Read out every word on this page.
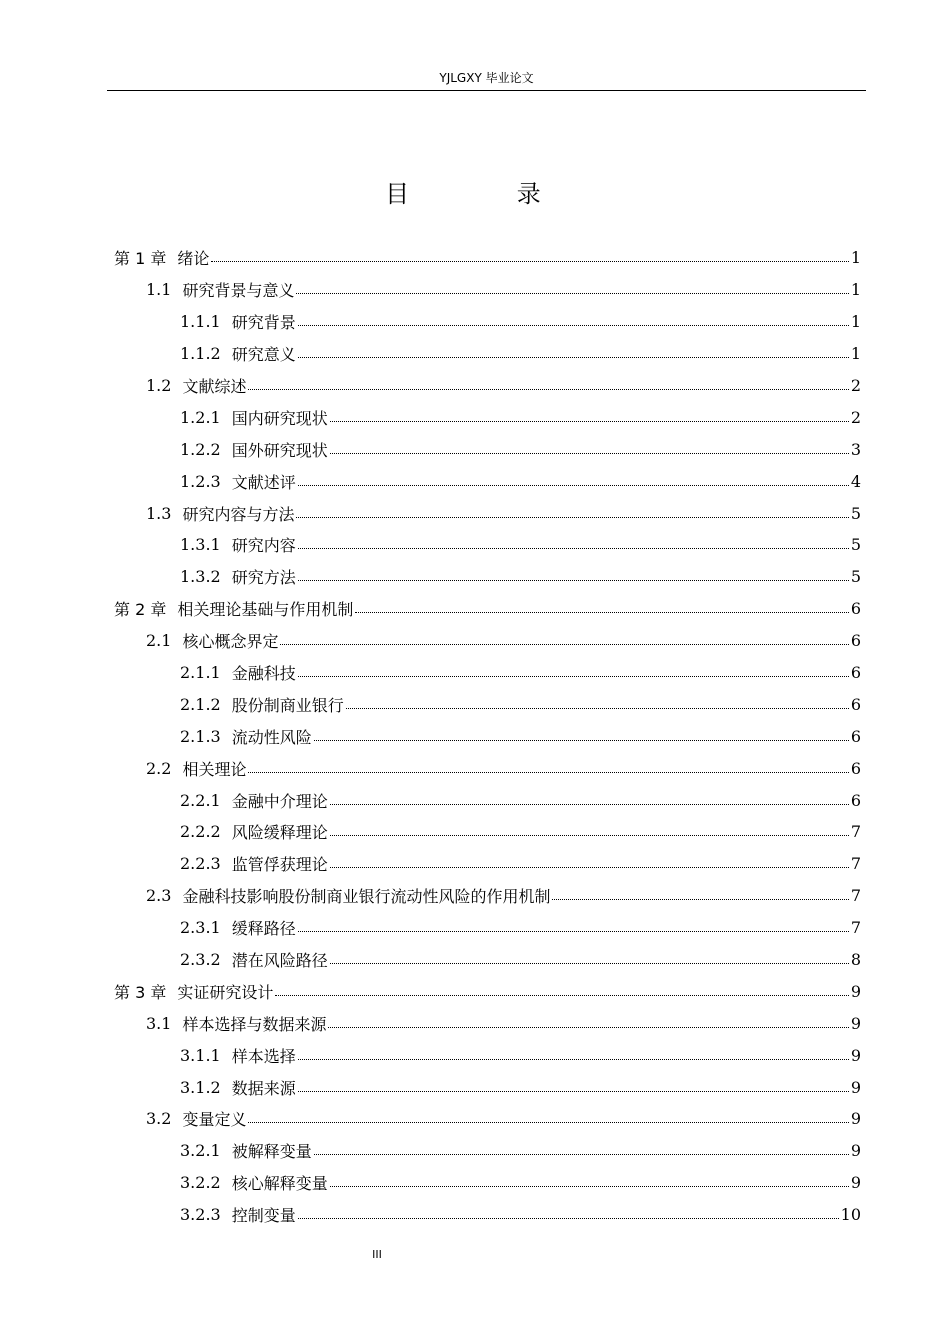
YJLGXY 毕业论文
目 录
第 1 章 绪论	1
1.1 研究背景与意义	1
1.1.1 研究背景	1
1.1.2 研究意义	1
1.2 文献综述	2
1.2.1 国内研究现状	2
1.2.2 国外研究现状	3
1.2.3 文献述评	4
1.3 研究内容与方法	5
1.3.1 研究内容	5
1.3.2 研究方法	5
第 2 章 相关理论基础与作用机制	6
2.1 核心概念界定	6
2.1.1 金融科技	6
2.1.2 股份制商业银行	6
2.1.3 流动性风险	6
2.2 相关理论	6
2.2.1 金融中介理论	6
2.2.2 风险缓释理论	7
2.2.3 监管俘获理论	7
2.3 金融科技影响股份制商业银行流动性风险的作用机制	7
2.3.1 缓释路径	7
2.3.2 潜在风险路径	8
第 3 章 实证研究设计	9
3.1 样本选择与数据来源	9
3.1.1 样本选择	9
3.1.2 数据来源	9
3.2 变量定义	9
3.2.1 被解释变量	9
3.2.2 核心解释变量	9
3.2.3 控制变量	10
III
